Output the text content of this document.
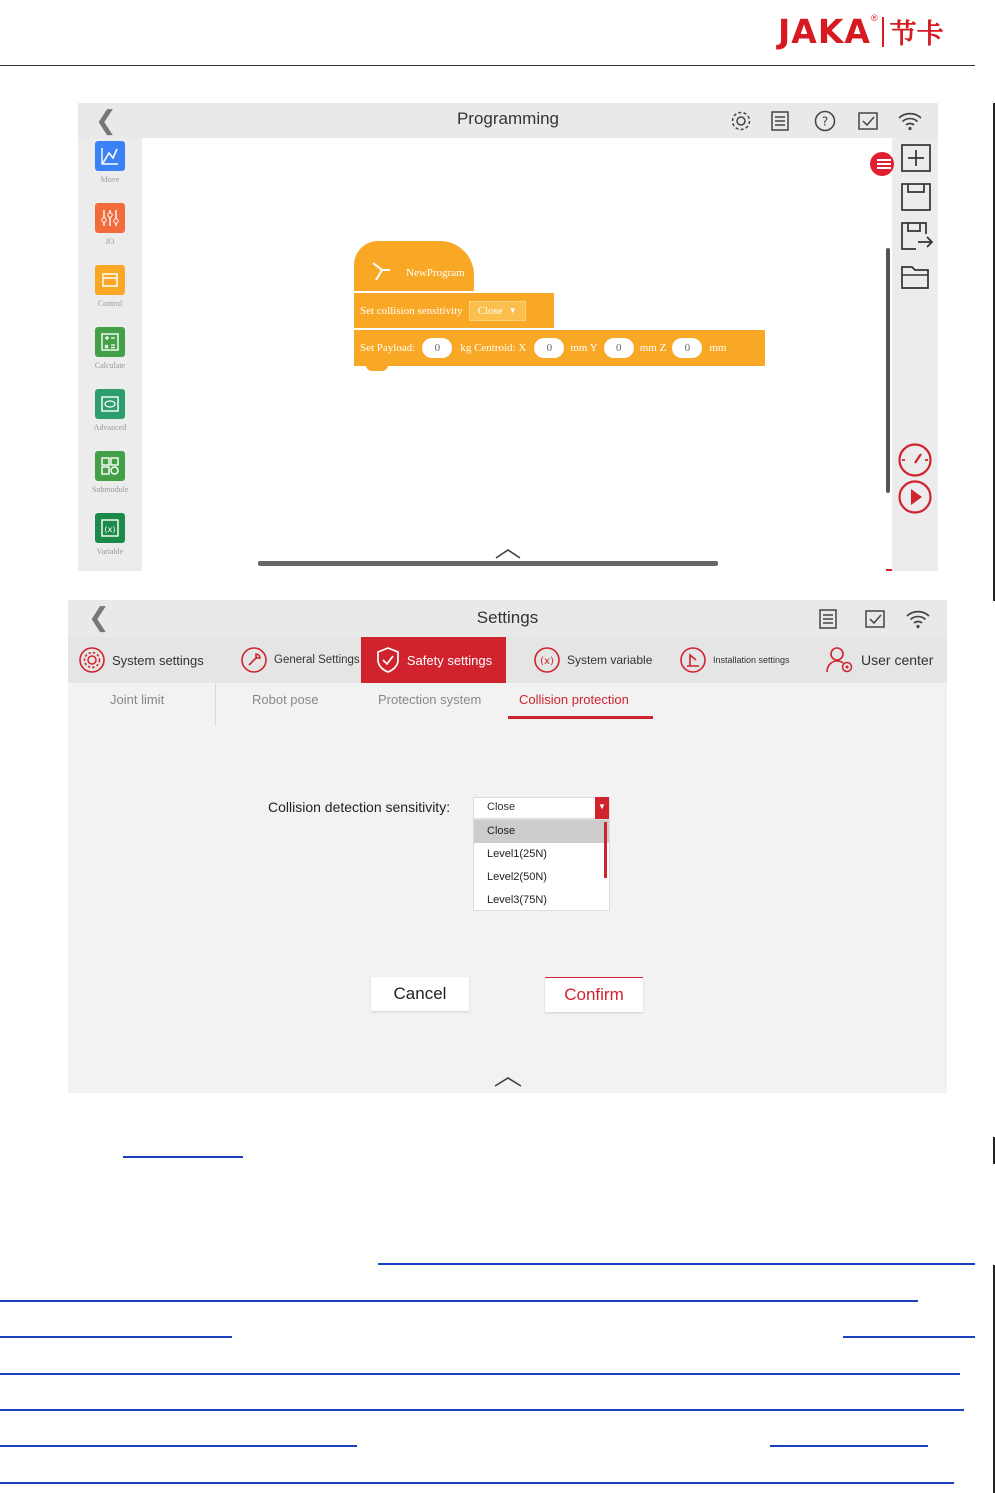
JAKA ®
节卡
❮	Programming	?
Move
IO
Control
Calculate
Advanced
Submodule
(x)
Variable
NewProgram
Set collision sensitivity Close ▼
Set Payload:	0	kg Centroid: X	0	mm Y	0	mm Z	0	mm
❮	Settings
System settings	General Settings	Safety settings	(x) System variable	Installation settings	User center
Joint limit	Robot pose	Protection system	Collision protection
Collision detection sensitivity:	Close	▼
Close
Level1(25N)
Level2(50N)
Level3(75N)
Cancel	Confirm
